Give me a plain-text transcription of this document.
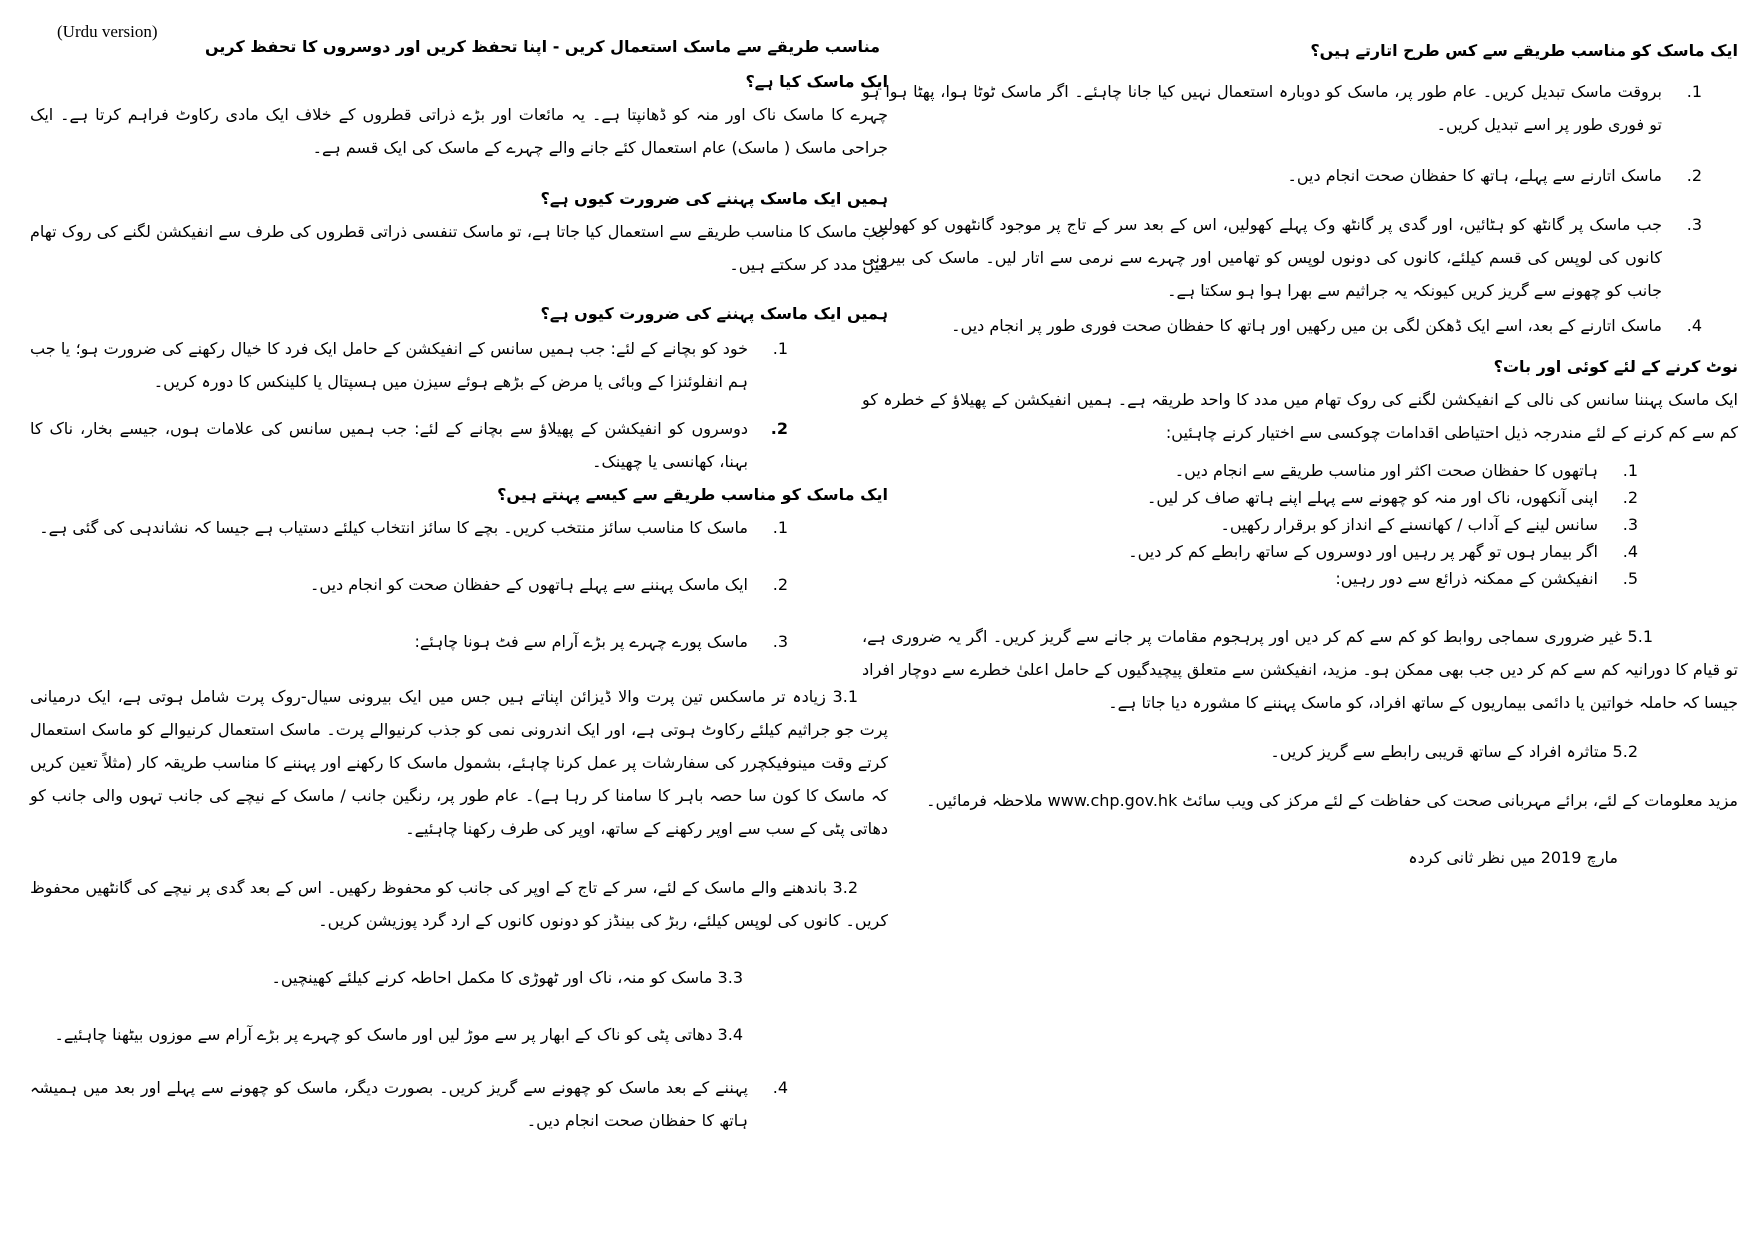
(Urdu version)

مناسب طریقے سے ماسک استعمال کریں - اپنا تحفظ کریں اور دوسروں کا تحفظ کریں

ایک ماسک کیا ہے؟

چہرے کا ماسک ناک اور منہ کو ڈھانپتا ہے۔ یہ مائعات اور بڑے ذراتی قطروں کے خلاف ایک مادی رکاوٹ فراہم کرتا ہے۔ ایک جراحی ماسک ( ماسک) عام استعمال کئے جانے والے چہرے کے ماسک کی ایک قسم ہے۔

ہمیں ایک ماسک پہننے کی ضرورت کیوں ہے؟

جب ماسک کا مناسب طریقے سے استعمال کیا جاتا ہے، تو ماسک تنفسی ذراتی قطروں کی طرف سے انفیکشن لگنے کی روک تھام میں مدد کر سکتے ہیں۔

ہمیں ایک ماسک پہننے کی ضرورت کیوں ہے؟

1.
خود کو بچانے کے لئے: جب ہمیں سانس کے انفیکشن کے حامل ایک فرد کا خیال رکھنے کی ضرورت ہو؛ یا جب ہم انفلوئنزا کے وبائی یا مرض کے بڑھے ہوئے سیزن میں ہسپتال یا کلینکس کا دورہ کریں۔
2.
دوسروں کو انفیکشن کے پھیلاؤ سے بچانے کے لئے: جب ہمیں سانس کی علامات ہوں، جیسے بخار، ناک کا بہنا، کھانسی یا چھینک۔

ایک ماسک کو مناسب طریقے سے کیسے پہنتے ہیں؟

1.
ماسک کا مناسب سائز منتخب کریں۔ بچے کا سائز انتخاب کیلئے دستیاب ہے جیسا کہ نشاندہی کی گئی ہے۔
2.
ایک ماسک پہننے سے پہلے ہاتھوں کے حفظان صحت کو انجام دیں۔
3.
ماسک پورے چہرے پر بڑے آرام سے فٹ ہونا چاہئے:

3.1 زیادہ تر ماسکس تین پرت والا ڈیزائن اپناتے ہیں جس میں ایک بیرونی سیال-روک پرت شامل ہوتی ہے، ایک درمیانی پرت جو جراثیم کیلئے رکاوٹ ہوتی ہے، اور ایک اندرونی نمی کو جذب کرنیوالے پرت۔ ماسک استعمال کرنیوالے کو ماسک استعمال کرتے وقت مینوفیکچرر کی سفارشات پر عمل کرنا چاہئے، بشمول ماسک کا رکھنے اور پہننے کا مناسب طریقہ کار (مثلاً تعین کریں کہ ماسک کا کون سا حصہ باہر کا سامنا کر رہا ہے)۔ عام طور پر، رنگین جانب / ماسک کے نیچے کی جانب تہوں والی جانب کو دھاتی پٹی کے سب سے اوپر رکھنے کے ساتھ، اوپر کی طرف رکھنا چاہئیے۔

3.2 باندھنے والے ماسک کے لئے، سر کے تاج کے اوپر کی جانب کو محفوظ رکھیں۔ اس کے بعد گدی پر نیچے کی گانٹھیں محفوظ کریں۔ کانوں کی لوپس کیلئے، ربڑ کی بینڈز کو دونوں کانوں کے ارد گرد پوزیشن کریں۔

3.3 ماسک کو منہ، ناک اور ٹھوڑی کا مکمل احاطہ کرنے کیلئے کھینچیں۔

3.4 دھاتی پٹی کو ناک کے ابھار پر سے موڑ لیں اور ماسک کو چہرے پر بڑے آرام سے موزوں بیٹھنا چاہئیے۔

4.
پہننے کے بعد ماسک کو چھونے سے گریز کریں۔ بصورت دیگر، ماسک کو چھونے سے پہلے اور بعد میں ہمیشہ ہاتھ کا حفظان صحت انجام دیں۔

ایک ماسک کو مناسب طریقے سے کس طرح اتارتے ہیں؟

1.
بروقت ماسک تبدیل کریں۔ عام طور پر، ماسک کو دوبارہ استعمال نہیں کیا جانا چاہئے۔ اگر ماسک ٹوٹا ہوا، پھٹا ہوا ہو تو فوری طور پر اسے تبدیل کریں۔
2.
ماسک اتارنے سے پہلے، ہاتھ کا حفظان صحت انجام دیں۔
3.
جب ماسک پر گانٹھ کو ہٹائیں، اور گدی پر گانٹھ وک پہلے کھولیں، اس کے بعد سر کے تاج پر موجود گانٹھوں کو کھولیں۔ کانوں کی لوپس کی قسم کیلئے، کانوں کی دونوں لوپس کو تھامیں اور چہرے سے نرمی سے اتار لیں۔ ماسک کی بیرونی جانب کو چھونے سے گریز کریں کیونکہ یہ جراثیم سے بھرا ہوا ہو سکتا ہے۔
4.
ماسک اتارنے کے بعد، اسے ایک ڈھکن لگی بن میں رکھیں اور ہاتھ کا حفظان صحت فوری طور پر انجام دیں۔

نوٹ کرنے کے لئے کوئی اور بات؟

ایک ماسک پہننا سانس کی نالی کے انفیکشن لگنے کی روک تھام میں مدد کا واحد طریقہ ہے۔ ہمیں انفیکشن کے پھیلاؤ کے خطرہ کو کم سے کم کرنے کے لئے مندرجہ ذیل احتیاطی اقدامات چوکسی سے اختیار کرنے چاہئیں:

1.
ہاتھوں کا حفظان صحت اکثر اور مناسب طریقے سے انجام دیں۔
2.
اپنی آنکھوں، ناک اور منہ کو چھونے سے پہلے اپنے ہاتھ صاف کر لیں۔
3.
سانس لینے کے آداب / کھانسنے کے انداز کو برقرار رکھیں۔
4.
اگر بیمار ہوں تو گھر پر رہیں اور دوسروں کے ساتھ رابطے کم کر دیں۔
5.
انفیکشن کے ممکنہ ذرائع سے دور رہیں:

5.1 غیر ضروری سماجی روابط کو کم سے کم کر دیں اور پرہجوم مقامات پر جانے سے گریز کریں۔ اگر یہ ضروری ہے، تو قیام کا دورانیہ کم سے کم کر دیں جب بھی ممکن ہو۔ مزید، انفیکشن سے متعلق پیچیدگیوں کے حامل اعلیٰ خطرے سے دوچار افراد جیسا کہ حاملہ خواتین یا دائمی بیماریوں کے ساتھ افراد، کو ماسک پہننے کا مشورہ دیا جاتا ہے۔

5.2 متاثرہ افراد کے ساتھ قریبی رابطے سے گریز کریں۔

مزید معلومات کے لئے، برائے مہربانی صحت کی حفاظت کے لئے مرکز کی ویب سائٹ www.chp.gov.hk ملاحظہ فرمائیں۔

مارچ 2019 میں نظر ثانی کردہ
